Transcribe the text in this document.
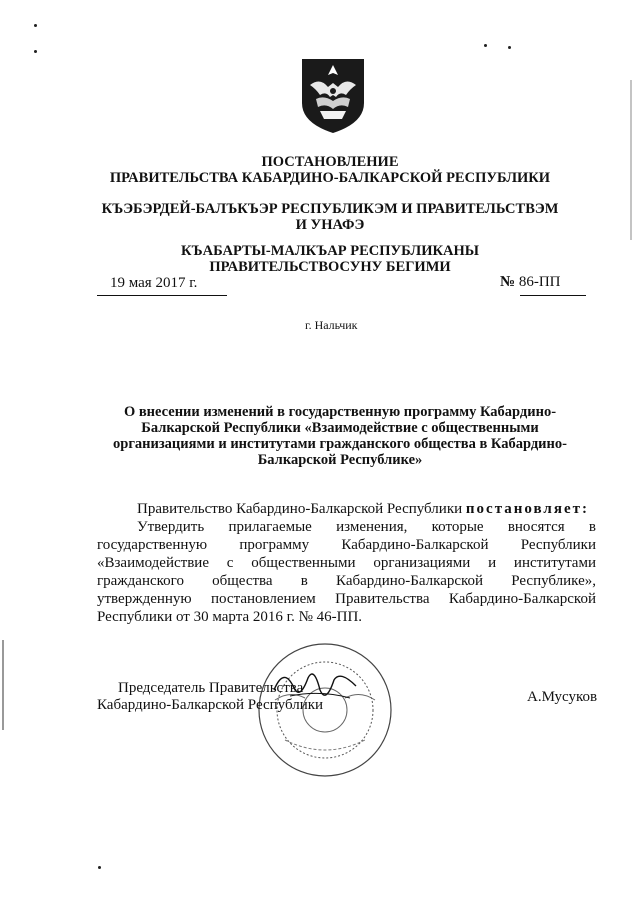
ПОСТАНОВЛЕНИЕ
ПРАВИТЕЛЬСТВА КАБАРДИНО-БАЛКАРСКОЙ РЕСПУБЛИКИ
КЪЭБЭРДЕЙ-БАЛЪКЪЭР РЕСПУБЛИКЭМ И ПРАВИТЕЛЬСТВЭМ И УНАФЭ
КЪАБАРТЫ-МАЛКЪАР РЕСПУБЛИКАНЫ ПРАВИТЕЛЬСТВОСУНУ БЕГИМИ
19 мая 2017 г.	№ 86-ПП
г. Нальчик
О внесении изменений в государственную программу Кабардино-Балкарской Республики «Взаимодействие с общественными организациями и институтами гражданского общества в Кабардино-Балкарской Республике»

Правительство Кабардино-Балкарской Республики постановляет:

Утвердить прилагаемые изменения, которые вносятся в государственную программу Кабардино-Балкарской Республики «Взаимодействие с общественными организациями и институтами гражданского общества в Кабардино-Балкарской Республике», утвержденную постановлением Правительства Кабардино-Балкарской Республики от 30 марта 2016 г. № 46-ПП.

Председатель Правительства
Кабардино-Балкарской Республики	А.Мусуков
